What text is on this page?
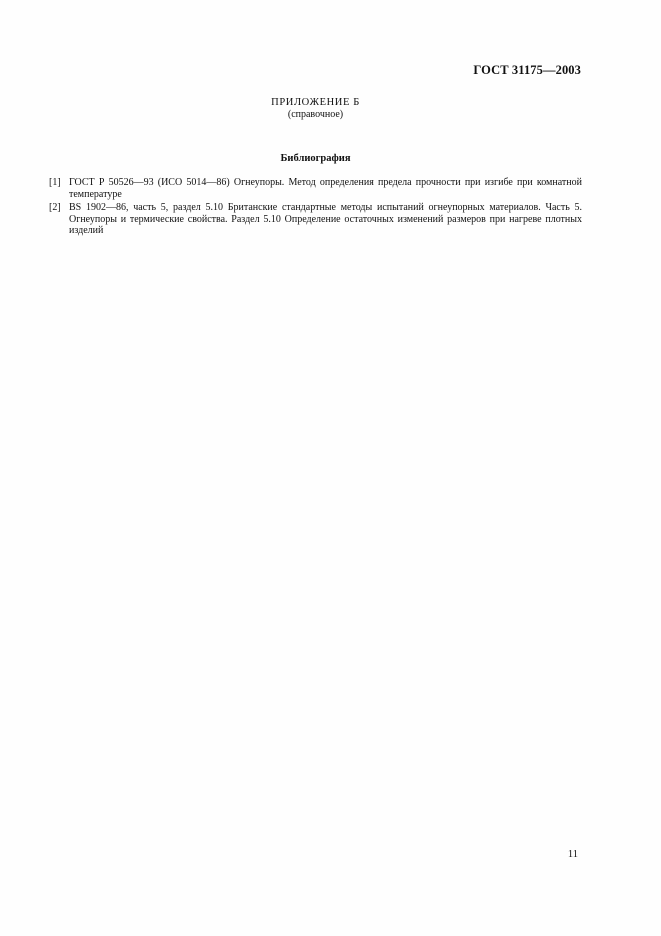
ГОСТ 31175—2003
ПРИЛОЖЕНИЕ Б
(справочное)
Библиография
[1] ГОСТ Р 50526—93 (ИСО 5014—86) Огнеупоры. Метод определения предела прочности при изгибе при комнатной температуре
[2] BS 1902—86, часть 5, раздел 5.10 Британские стандартные методы испытаний огнеупорных материалов. Часть 5. Огнеупоры и термические свойства. Раздел 5.10 Определение остаточных изменений размеров при нагреве плотных изделий
11
